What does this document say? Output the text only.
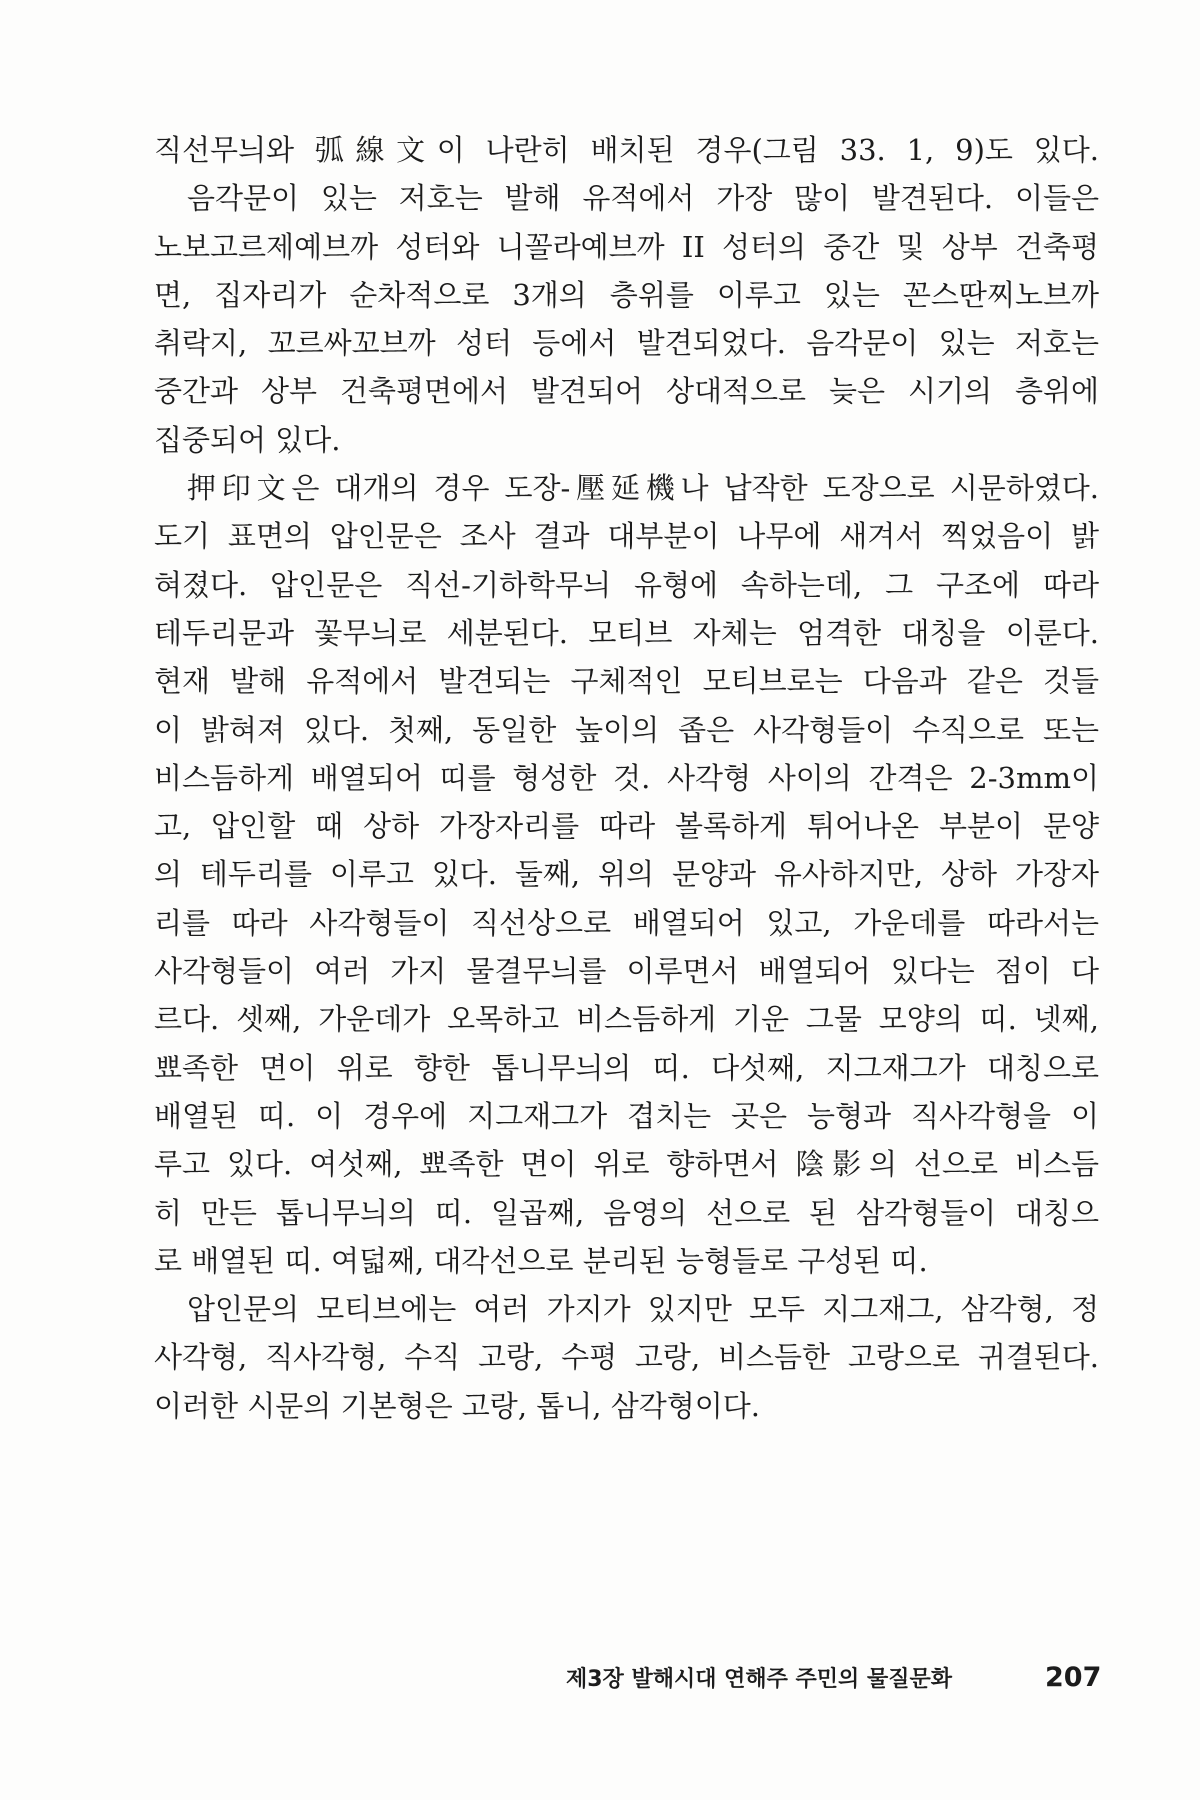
직선무늬와 弧線文이 나란히 배치된 경우(그림 33. 1, 9)도 있다.
음각문이 있는 저호는 발해 유적에서 가장 많이 발견된다. 이들은
노보고르제예브까 성터와 니꼴라예브까 II 성터의 중간 및 상부 건축평
면, 집자리가 순차적으로 3개의 층위를 이루고 있는 꼰스딴찌노브까
취락지, 꼬르싸꼬브까 성터 등에서 발견되었다. 음각문이 있는 저호는
중간과 상부 건축평면에서 발견되어 상대적으로 늦은 시기의 층위에
집중되어 있다.
押印文은 대개의 경우 도장-壓延機나 납작한 도장으로 시문하였다.
도기 표면의 압인문은 조사 결과 대부분이 나무에 새겨서 찍었음이 밝
혀졌다. 압인문은 직선-기하학무늬 유형에 속하는데, 그 구조에 따라
테두리문과 꽃무늬로 세분된다. 모티브 자체는 엄격한 대칭을 이룬다.
현재 발해 유적에서 발견되는 구체적인 모티브로는 다음과 같은 것들
이 밝혀져 있다. 첫째, 동일한 높이의 좁은 사각형들이 수직으로 또는
비스듬하게 배열되어 띠를 형성한 것. 사각형 사이의 간격은 2-3mm이
고, 압인할 때 상하 가장자리를 따라 볼록하게 튀어나온 부분이 문양
의 테두리를 이루고 있다. 둘째, 위의 문양과 유사하지만, 상하 가장자
리를 따라 사각형들이 직선상으로 배열되어 있고, 가운데를 따라서는
사각형들이 여러 가지 물결무늬를 이루면서 배열되어 있다는 점이 다
르다. 셋째, 가운데가 오목하고 비스듬하게 기운 그물 모양의 띠. 넷째,
뾰족한 면이 위로 향한 톱니무늬의 띠. 다섯째, 지그재그가 대칭으로
배열된 띠. 이 경우에 지그재그가 겹치는 곳은 능형과 직사각형을 이
루고 있다. 여섯째, 뾰족한 면이 위로 향하면서 陰影의 선으로 비스듬
히 만든 톱니무늬의 띠. 일곱째, 음영의 선으로 된 삼각형들이 대칭으
로 배열된 띠. 여덟째, 대각선으로 분리된 능형들로 구성된 띠.
압인문의 모티브에는 여러 가지가 있지만 모두 지그재그, 삼각형, 정
사각형, 직사각형, 수직 고랑, 수평 고랑, 비스듬한 고랑으로 귀결된다.
이러한 시문의 기본형은 고랑, 톱니, 삼각형이다.
제3장 발해시대 연해주 주민의 물질문화	207
